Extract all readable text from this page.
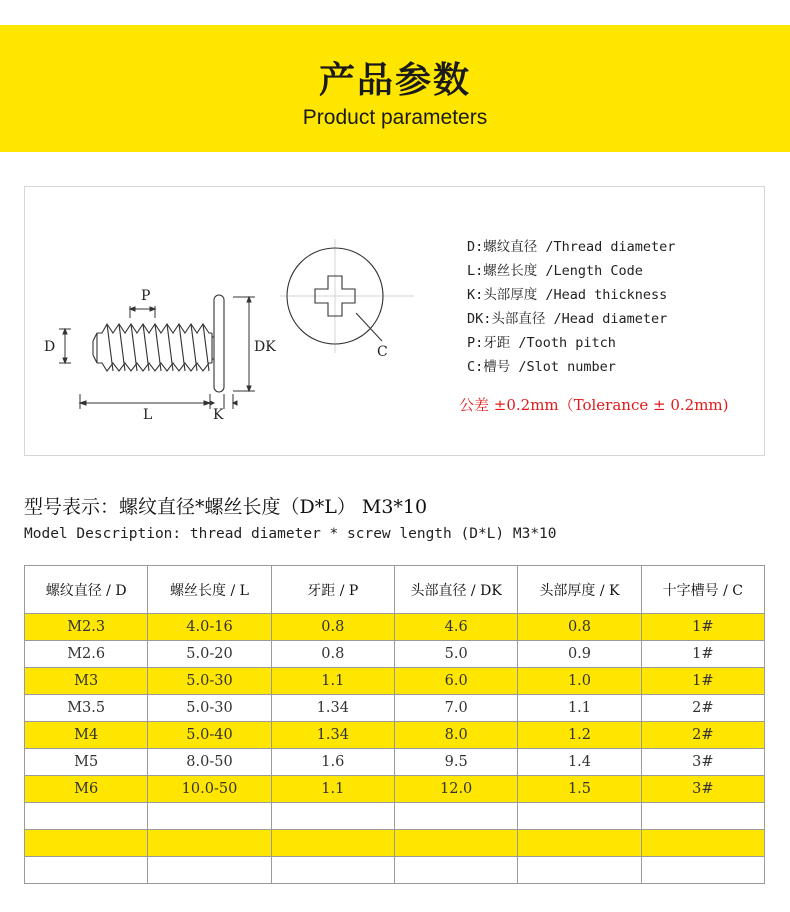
产品参数
Product parameters
P
D	DK
L	K
C
D:螺纹直径 /Thread diameter
L:螺丝长度 /Length Code
K:头部厚度 /Head thickness
DK:头部直径 /Head diameter
P:牙距 /Tooth pitch
C:槽号 /Slot number
公差 ±0.2mm（Tolerance ± 0.2mm)
型号表示：螺纹直径*螺丝长度（D*L） M3*10
Model Description: thread diameter * screw length (D*L) M3*10
螺纹直径 / D	螺丝长度 / L	牙距 / P	头部直径 / DK	头部厚度 / K	十字槽号 / C
M2.3	4.0-16	0.8	4.6	0.8	1#
M2.6	5.0-20	0.8	5.0	0.9	1#
M3	5.0-30	1.1	6.0	1.0	1#
M3.5	5.0-30	1.34	7.0	1.1	2#
M4	5.0-40	1.34	8.0	1.2	2#
M5	8.0-50	1.6	9.5	1.4	3#
M6	10.0-50	1.1	12.0	1.5	3#
